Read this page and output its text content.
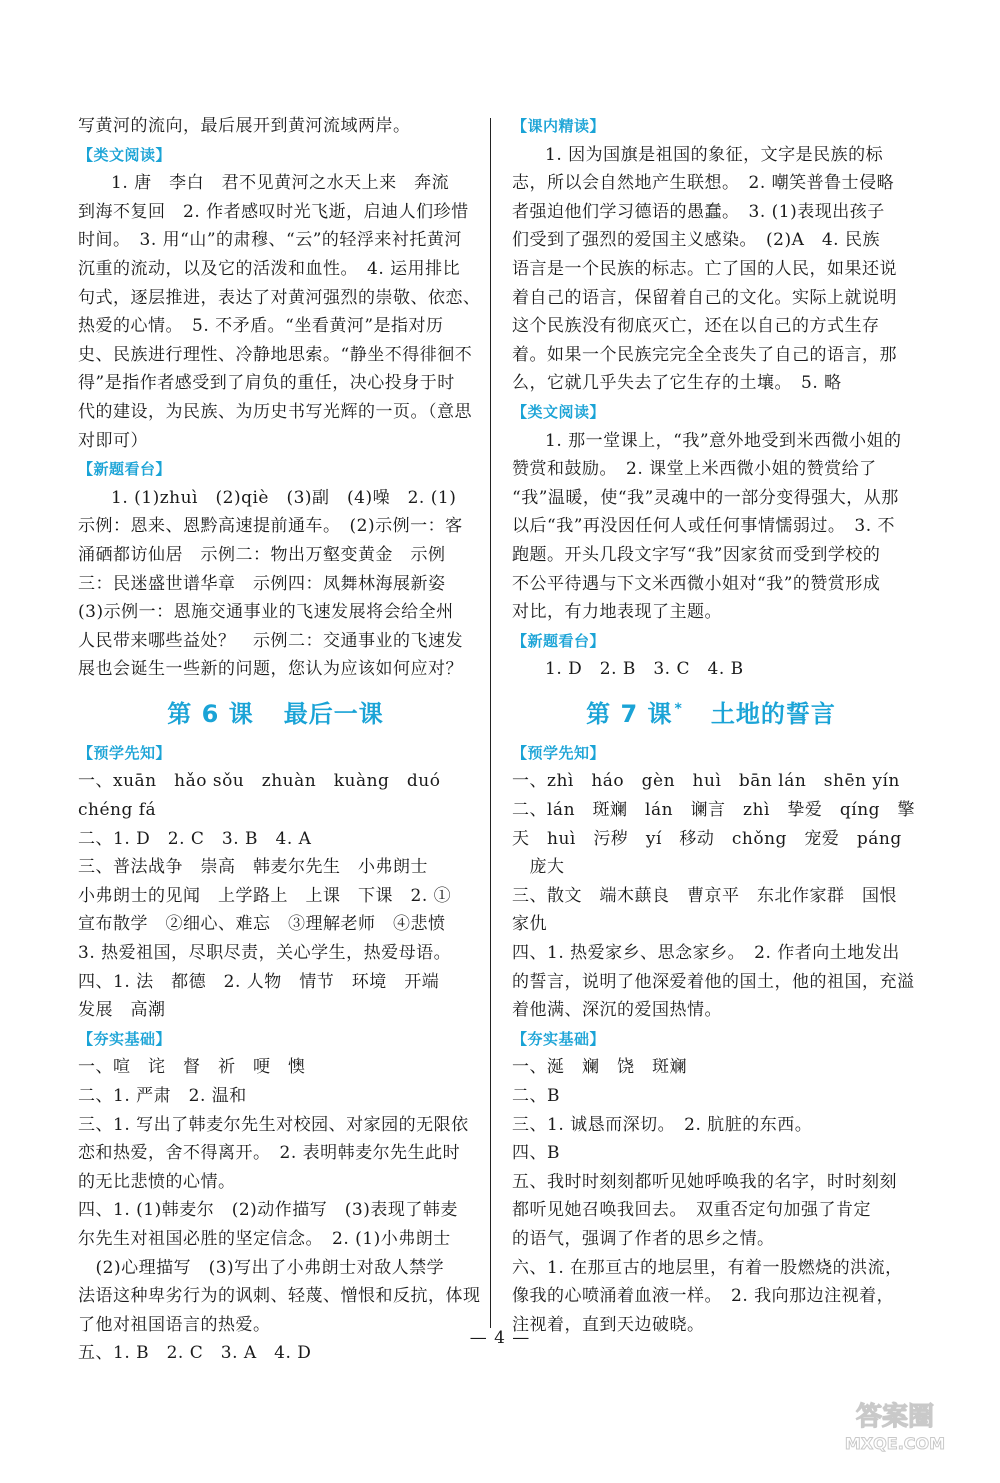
写黄河的流向，最后展开到黄河流域两岸。
【类文阅读】
1. 唐　李白　君不见黄河之水天上来　奔流
到海不复回　2. 作者感叹时光飞逝，启迪人们珍惜
时间。　3. 用“山”的肃穆、“云”的轻浮来衬托黄河
沉重的流动，以及它的活泼和血性。　4. 运用排比
句式，逐层推进，表达了对黄河强烈的崇敬、依恋、
热爱的心情。　5. 不矛盾。“坐看黄河”是指对历
史、民族进行理性、冷静地思索。“静坐不得徘徊不
得”是指作者感受到了肩负的重任，决心投身于时
代的建设，为民族、为历史书写光辉的一页。（意思
对即可）
【新题看台】
1. (1)zhuì　(2)qiè　(3)副　(4)噪　2. (1)
示例：恩来、恩黔高速提前通车。　(2)示例一：客
涌硒都访仙居　示例二：物出万壑变黄金　示例
三：民迷盛世谱华章　示例四：凤舞林海展新姿
(3)示例一：恩施交通事业的飞速发展将会给全州
人民带来哪些益处？　示例二：交通事业的飞速发
展也会诞生一些新的问题，您认为应该如何应对？
第 6 课 最后一课
【预学先知】
一、xuān　hǎo sǒu　zhuàn　kuàng　duó
chéng fá
二、1. D　2. C　3. B　4. A
三、普法战争　崇高　韩麦尔先生　小弗朗士
小弗朗士的见闻　上学路上　上课　下课　2. ①
宣布散学　②细心、难忘　③理解老师　④悲愤
3. 热爱祖国，尽职尽责，关心学生，热爱母语。
四、1. 法　都德　2. 人物　情节　环境　开端
发展　高潮
【夯实基础】
一、喧　诧　督　祈　哽　懊
二、1. 严肃　2. 温和
三、1. 写出了韩麦尔先生对校园、对家园的无限依
恋和热爱，舍不得离开。　2. 表明韩麦尔先生此时
的无比悲愤的心情。
四、1. (1)韩麦尔　(2)动作描写　(3)表现了韩麦
尔先生对祖国必胜的坚定信念。　2. (1)小弗朗士
　(2)心理描写　(3)写出了小弗朗士对敌人禁学
法语这种卑劣行为的讽刺、轻蔑、憎恨和反抗，体现
了他对祖国语言的热爱。
五、1. B　2. C　3. A　4. D
【课内精读】
1. 因为国旗是祖国的象征，文字是民族的标
志，所以会自然地产生联想。　2. 嘲笑普鲁士侵略
者强迫他们学习德语的愚蠢。　3. (1)表现出孩子
们受到了强烈的爱国主义感染。　(2)A　4. 民族
语言是一个民族的标志。亡了国的人民，如果还说
着自己的语言，保留着自己的文化。实际上就说明
这个民族没有彻底灭亡，还在以自己的方式生存
着。如果一个民族完完全全丧失了自己的语言，那
么，它就几乎失去了它生存的土壤。　5. 略
【类文阅读】
1. 那一堂课上，“我”意外地受到米西微小姐的
赞赏和鼓励。　2. 课堂上米西微小姐的赞赏给了
“我”温暖，使“我”灵魂中的一部分变得强大，从那
以后“我”再没因任何人或任何事情懦弱过。　3. 不
跑题。开头几段文字写“我”因家贫而受到学校的
不公平待遇与下文米西微小姐对“我”的赞赏形成
对比，有力地表现了主题。
【新题看台】
1. D　2. B　3. C　4. B
第 7 课 * 土地的誓言
【预学先知】
一、zhì　háo　gèn　huì　bān lán　shēn yín
二、lán　斑斓　lán　谰言　zhì　挚爱　qíng　擎
天　huì　污秽　yí　移动　chǒng　宠爱　páng
　庞大
三、散文　端木蕻良　曹京平　东北作家群　国恨
家仇
四、1. 热爱家乡、思念家乡。　2. 作者向土地发出
的誓言，说明了他深爱着他的国土，他的祖国，充溢
着他满、深沉的爱国热情。
【夯实基础】
一、涎　斓　饶　斑斓
二、B
三、1. 诚恳而深切。　2. 肮脏的东西。
四、B
五、我时时刻刻都听见她呼唤我的名字，时时刻刻
都听见她召唤我回去。　双重否定句加强了肯定
的语气，强调了作者的思乡之情。
六、1. 在那亘古的地层里，有着一股燃烧的洪流，
像我的心喷涌着血液一样。　2. 我向那边注视着，
注视着，直到天边破晓。
— 4 —
答案圈
MXQE.COM
